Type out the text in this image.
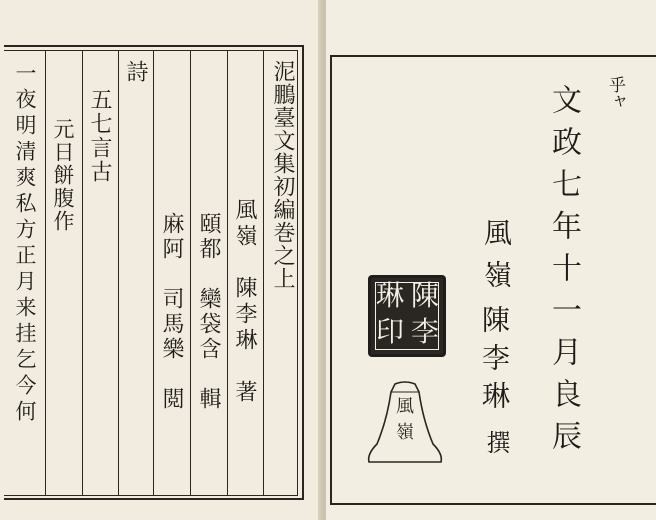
泥鵬臺文集初編巻之上
風嶺　陳李琳　著
頤都　欒袋含　輯
麻阿　司馬樂　閲
詩
五七言古
元日餅腹作
一夜明清爽私方正月来挂乞今何	乎ャ
文政七年十一月良辰
風嶺
陳李琳
撰
陳
李
琳
印
風
嶺
